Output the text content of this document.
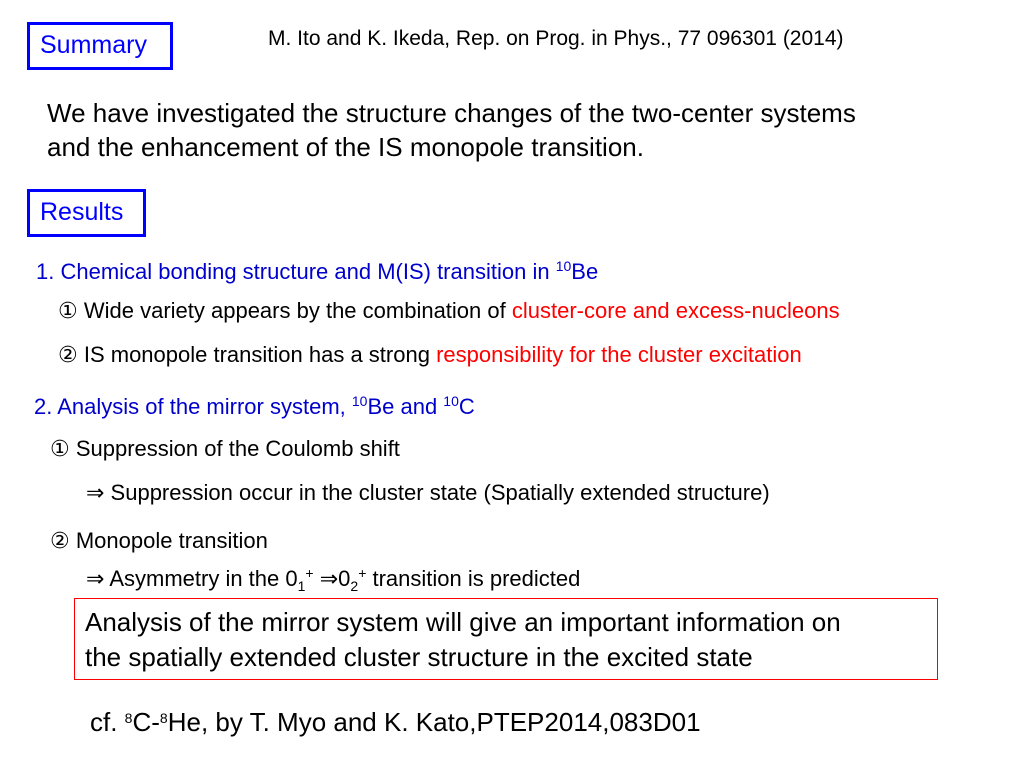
Summary	M. Ito and K. Ikeda, Rep. on Prog. in Phys., 77 096301 (2014)
We have investigated the structure changes of the two-center systems
and the enhancement of the IS monopole transition.
Results
1. Chemical bonding structure and M(IS) transition in $^{10}$Be
① Wide variety appears by the combination of cluster-core and excess-nucleons
② IS monopole transition has a strong responsibility for the cluster excitation
2. Analysis of the mirror system, $^{10}$Be and $^{10}$C
① Suppression of the Coulomb shift
⇒ Suppression occur in the cluster state (Spatially extended structure)
② Monopole transition
⇒ Asymmetry in the $0_1^+$ $\Rightarrow 0_2^+$ transition is predicted
Analysis of the mirror system will give an important information on
the spatially extended cluster structure in the excited state
cf. $^8$C-$^8$He, by T. Myo and K. Kato,PTEP2014,083D01
